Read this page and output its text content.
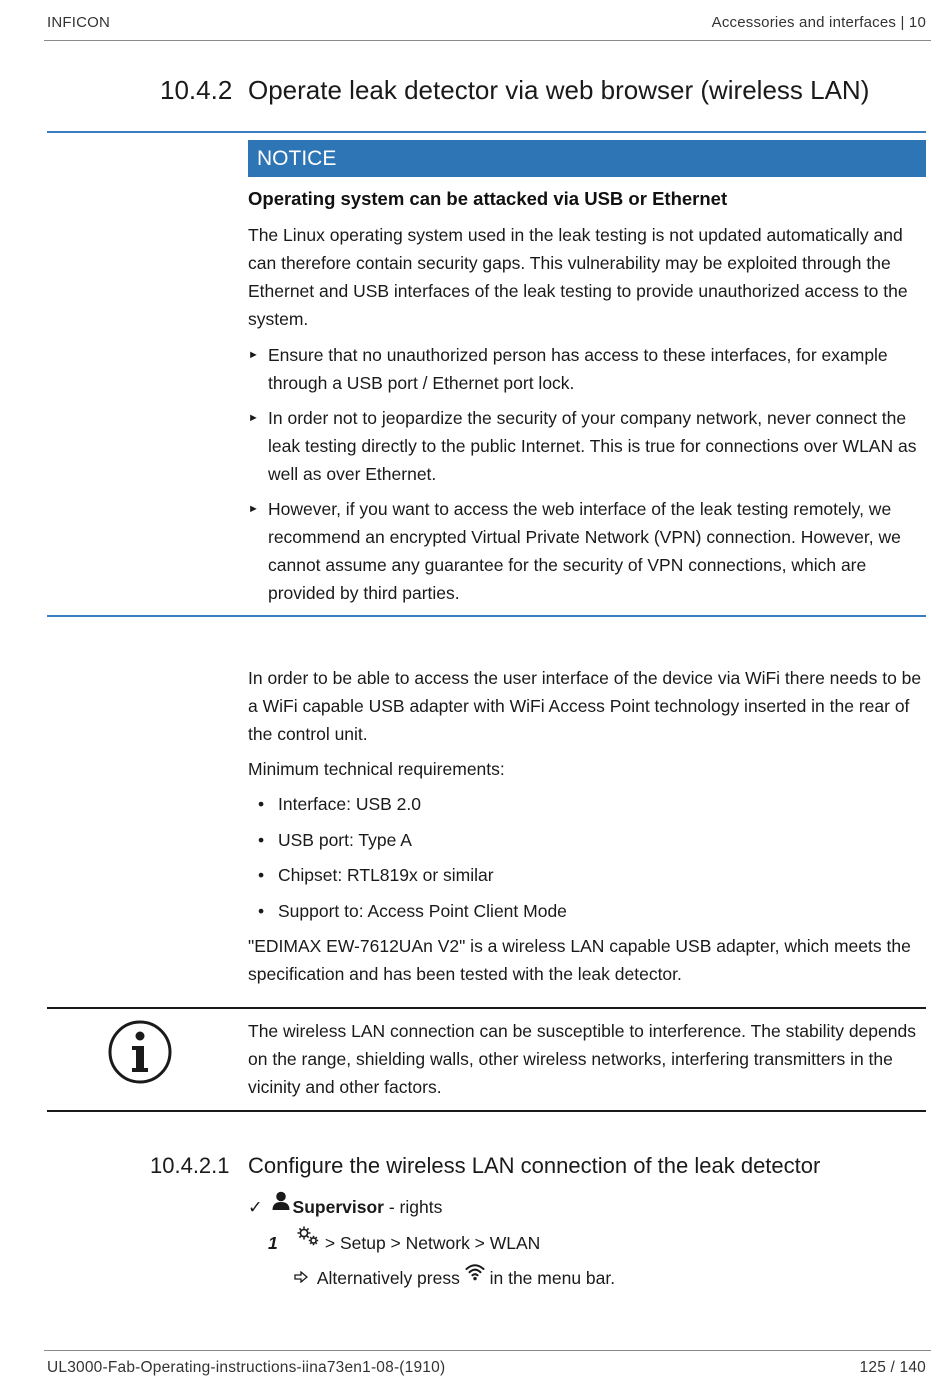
INFICON	Accessories and interfaces | 10
10.4.2 Operate leak detector via web browser (wireless LAN)
NOTICE
Operating system can be attacked via USB or Ethernet
The Linux operating system used in the leak testing is not updated automatically and can therefore contain security gaps. This vulnerability may be exploited through the Ethernet and USB interfaces of the leak testing to provide unauthorized access to the system.
► Ensure that no unauthorized person has access to these interfaces, for example through a USB port / Ethernet port lock.
► In order not to jeopardize the security of your company network, never connect the leak testing directly to the public Internet. This is true for connections over WLAN as well as over Ethernet.
► However, if you want to access the web interface of the leak testing remotely, we recommend an encrypted Virtual Private Network (VPN) connection. However, we cannot assume any guarantee for the security of VPN connections, which are provided by third parties.
In order to be able to access the user interface of the device via WiFi there needs to be a WiFi capable USB adapter with WiFi Access Point technology inserted in the rear of the control unit.
Minimum technical requirements:
• Interface: USB 2.0
• USB port: Type A
• Chipset: RTL819x or similar
• Support to: Access Point Client Mode
"EDIMAX EW-7612UAn V2" is a wireless LAN capable USB adapter, which meets the specification and has been tested with the leak detector.
The wireless LAN connection can be susceptible to interference. The stability depends on the range, shielding walls, other wireless networks, interfering transmitters in the vicinity and other factors.
10.4.2.1 Configure the wireless LAN connection of the leak detector
✓ Supervisor - rights
1	> Setup > Network > WLAN
Alternatively press in the menu bar.
UL3000-Fab-Operating-instructions-iina73en1-08-(1910)	125 / 140
